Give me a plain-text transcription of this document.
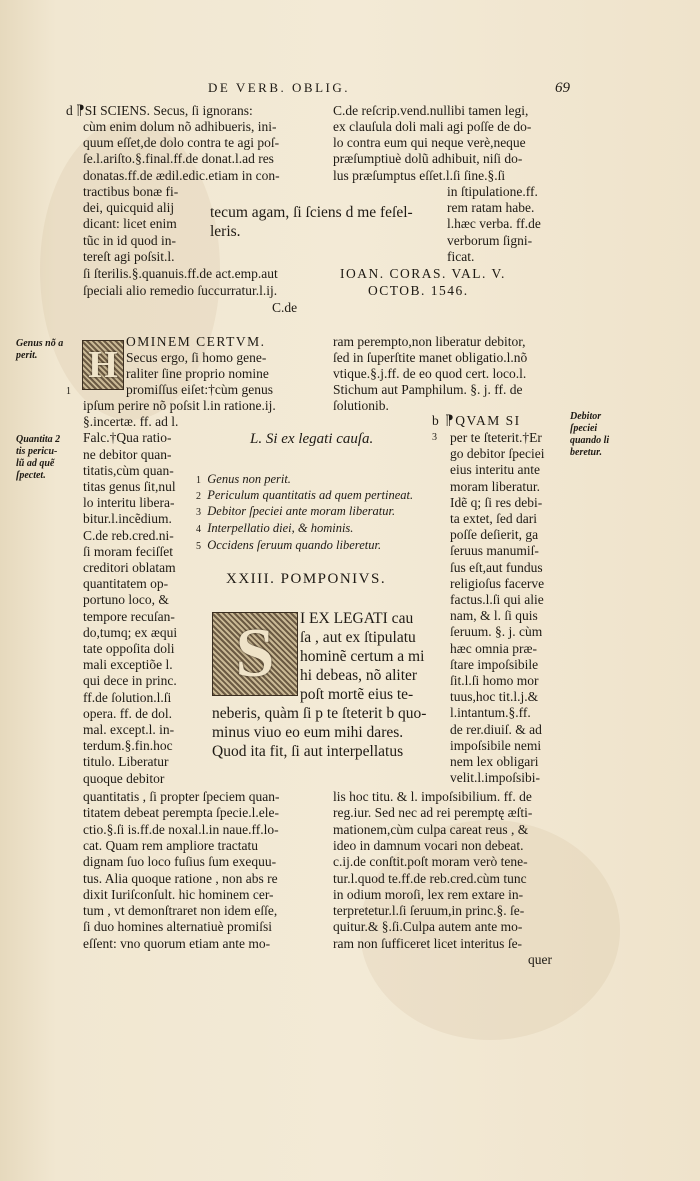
DE VERB. OBLIG.	69
d ⁋SI SCIENS. Secus, ſi ignorans:
cùm enim dolum nõ adhibueris, ini-
quum eſſet,de dolo contra te agi poſ-
ſe.l.ariſto.§.final.ff.de donat.l.ad res
donatas.ff.de ædil.edic.etiam in con-
tractibus bonæ fi-
dei, quicquid alij
dicant: licet enim
tũc in id quod in-
tereſt agi poſsit.l.
ſi ſterilis.§.quanuis.ff.de act.emp.aut
ſpeciali alio remedio ſuccurratur.l.ij.
C.de
tecum agam, ſi ſciens d me feſel-
leris.
C.de reſcrip.vend.nullibi tamen legi,
ex clauſula doli mali agi poſſe de do-
lo contra eum qui neque verè,neque
præſumptiuè dolũ adhibuit, niſi do-
lus præſumptus eſſet.l.ſi ſine.§.ſi
in ſtipulatione.ff.
rem ratam habe.
l.hæc verba. ff.de
verborum ſigni-
ficat.
IOAN. CORAS. VAL. V.
OCTOB. 1546.
Genus nõ a
perit.
1
Quantita 2
tis pericu-
lũ ad quẽ
ſpectet.
Debitor
ſpeciei
quando li
beretur.
H
OMINEM CERTVM.
Secus ergo, ſi homo gene-
raliter ſine proprio nomine
promiſſus eiſet:†cùm genus
ipſum perire nõ poſsit l.in ratione.ij.
§.incertæ. ff. ad l.
Falc.†Qua ratio-
ne debitor quan-
titatis,cùm quan-
titas genus ſit,nul
lo interitu libera-
bitur.l.incẽdium.
C.de reb.cred.ni-
ſi moram feciſſet
creditori oblatam
quantitatem op-
portuno loco, &
tempore recuſan-
do,tumq; ex æqui
tate oppoſita doli
mali exceptiõe l.
qui dece in princ.
ff.de ſolution.l.ſi
opera. ff. de dol.
mal. except.l. in-
terdum.§.fin.hoc
titulo. Liberatur
quoque debitor
ram perempto,non liberatur debitor,
ſed in ſuperſtite manet obligatio.l.nõ
vtique.§.j.ff. de eo quod cert. loco.l.
Stichum aut Pamphilum. §. j. ff. de
ſolutionib.
L. Si ex legati cauſa.
1 Genus non perit.
2 Periculum quantitatis ad quem pertineat.
3 Debitor ſpeciei ante moram liberatur.
4 Interpellatio diei, & hominis.
5 Occidens ſeruum quando liberetur.
XXIII. POMPONIVS.
S	I EX LEGATI cau
ſa , aut ex ſtipulatu
hominẽ certum a mi
hi debeas, nõ aliter
poſt mortẽ eius te-
neberis, quàm ſi p te ſteterit b quo-
minus viuo eo eum mihi dares.
Quod ita fit, ſi aut interpellatus
b ⁋QVAM SI
3 per te ſteterit.†Er
go debitor ſpeciei
eius interitu ante
moram liberatur.
Idẽ q; ſi res debi-
ta extet, ſed dari
poſſe deſierit, ga
ſeruus manumiſ-
ſus eſt,aut fundus
religioſus facerve
factus.l.ſi qui alie
nam, & l. ſi quis
ſeruum. §. j. cùm
hæc omnia præ-
ſtare impoſsibile
ſit.l.ſi homo mor
tuus,hoc tit.l.j.&
l.intantum.§.ff.
de rer.diuiſ. & ad
impoſsibile nemi
nem lex obligari
velit.l.impoſsibi-
quantitatis , ſi propter ſpeciem quan-
titatem debeat perempta ſpecie.l.ele-
ctio.§.ſi is.ff.de noxal.l.in naue.ff.lo-
cat. Quam rem ampliore tractatu
dignam ſuo loco fuſius ſum exequu-
tus. Alia quoque ratione , non abs re
dixit Iuriſconſult. hic hominem cer-
tum , vt demonſtraret non idem eſſe,
ſi duo homines alternatiuè promiſsi
eſſent: vno quorum etiam ante mo-
lis hoc titu. & l. impoſsibilium. ff. de
reg.iur. Sed nec ad rei peremptę æſti-
mationem,cùm culpa careat reus , &
ideo in damnum vocari non debeat.
c.ij.de conſtit.poſt moram verò tene-
tur.l.quod te.ff.de reb.cred.cùm tunc
in odium moroſi, lex rem extare in-
terpretetur.l.ſi ſeruum,in princ.§. ſe-
quitur.& §.ſi.Culpa autem ante mo-
ram non ſufficeret licet interitus ſe-
quer
